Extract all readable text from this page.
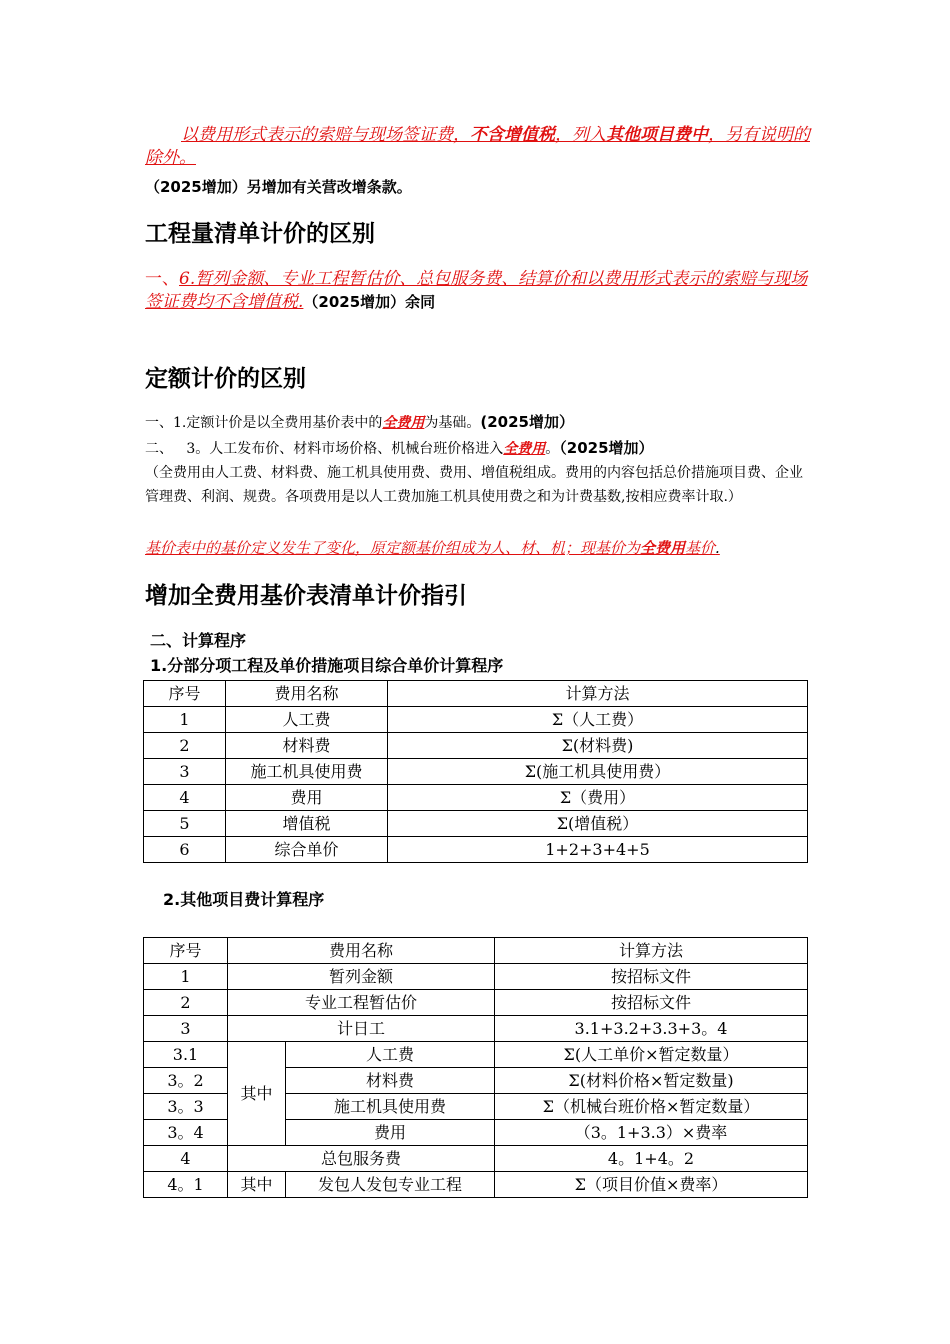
以费用形式表示的索赔与现场签证费，不含增值税，列入其他项目费中，另有说明的除外。
（2025增加）另增加有关营改增条款。
工程量清单计价的区别
一、6.暂列金额、专业工程暂估价、总包服务费、结算价和以费用形式表示的索赔与现场签证费均不含增值税.（2025增加）余同
定额计价的区别
一、1.定额计价是以全费用基价表中的全费用为基础。(2025增加）
二、   3。人工发布价、材料市场价格、机械台班价格进入全费用。（2025增加）
（全费用由人工费、材料费、施工机具使用费、费用、增值税组成。费用的内容包括总价措施项目费、企业管理费、利润、规费。各项费用是以人工费加施工机具使用费之和为计费基数,按相应费率计取.）
基价表中的基价定义发生了变化，原定额基价组成为人、材、机；现基价为全费用基价.
增加全费用基价表清单计价指引
二、计算程序
1.分部分项工程及单价措施项目综合单价计算程序
序号	费用名称	计算方法
1	人工费	Σ（人工费）
2	材料费	Σ(材料费)
3	施工机具使用费	Σ(施工机具使用费）
4	费用	Σ（费用）
5	增值税	Σ(增值税）
6	综合单价	1+2+3+4+5
2.其他项目费计算程序
序号	费用名称		计算方法
1	暂列金额		按招标文件
2	专业工程暂估价		按招标文件
3	计日工		3.1+3.2+3.3+3。4
3.1	其中	人工费	Σ(人工单价×暂定数量）
3。2		材料费	Σ(材料价格×暂定数量)
3。3		施工机具使用费	Σ（机械台班价格×暂定数量）
3。4		费用	（3。1+3.3）×费率
4	总包服务费		4。1+4。2
4。1	其中	发包人发包专业工程	Σ（项目价值×费率）
